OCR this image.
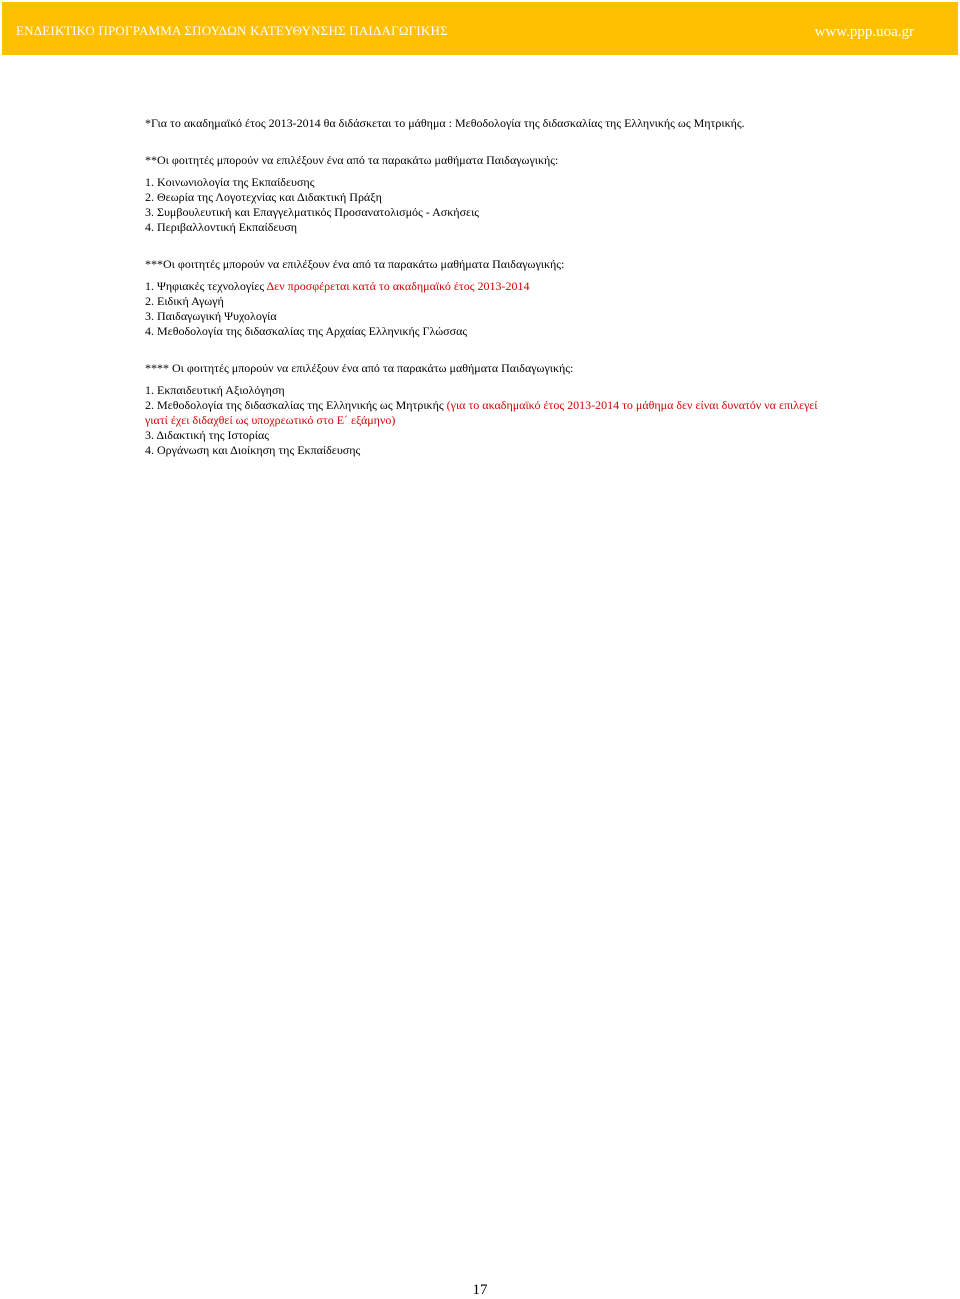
ΕΝΔΕΙΚΤΙΚΟ ΠΡΟΓΡΑΜΜΑ ΣΠΟΥΔΩΝ ΚΑΤΕΥΘΥΝΣΗΣ ΠΑΙΔΑΓΩΓΙΚΗΣ	www.ppp.uoa.gr

*Για το ακαδημαϊκό έτος 2013-2014 θα διδάσκεται το μάθημα : Μεθοδολογία της διδασκαλίας της Ελληνικής ως Μητρικής.

**Οι φοιτητές μπορούν να επιλέξουν ένα από τα παρακάτω μαθήματα Παιδαγωγικής:

1. Κοινωνιολογία της Εκπαίδευσης
2. Θεωρία της Λογοτεχνίας και Διδακτική Πράξη
3. Συμβουλευτική και Επαγγελματικός Προσανατολισμός - Ασκήσεις
4. Περιβαλλοντική Εκπαίδευση

***Οι φοιτητές μπορούν να επιλέξουν ένα από τα παρακάτω μαθήματα Παιδαγωγικής:

1. Ψηφιακές τεχνολογίες Δεν προσφέρεται κατά το ακαδημαϊκό έτος 2013-2014
2. Ειδική Αγωγή
3. Παιδαγωγική Ψυχολογία
4. Μεθοδολογία της διδασκαλίας της Αρχαίας Ελληνικής Γλώσσας

**** Οι φοιτητές μπορούν να επιλέξουν ένα από τα παρακάτω μαθήματα Παιδαγωγικής:

1. Εκπαιδευτική Αξιολόγηση
2. Μεθοδολογία της διδασκαλίας της Ελληνικής ως Μητρικής (για το ακαδημαϊκό έτος 2013-2014 το μάθημα δεν είναι δυνατόν να επιλεγεί γιατί έχει διδαχθεί ως υποχρεωτικό στο Ε΄ εξάμηνο)
3. Διδακτική της Ιστορίας
4. Οργάνωση και Διοίκηση της Εκπαίδευσης
17
